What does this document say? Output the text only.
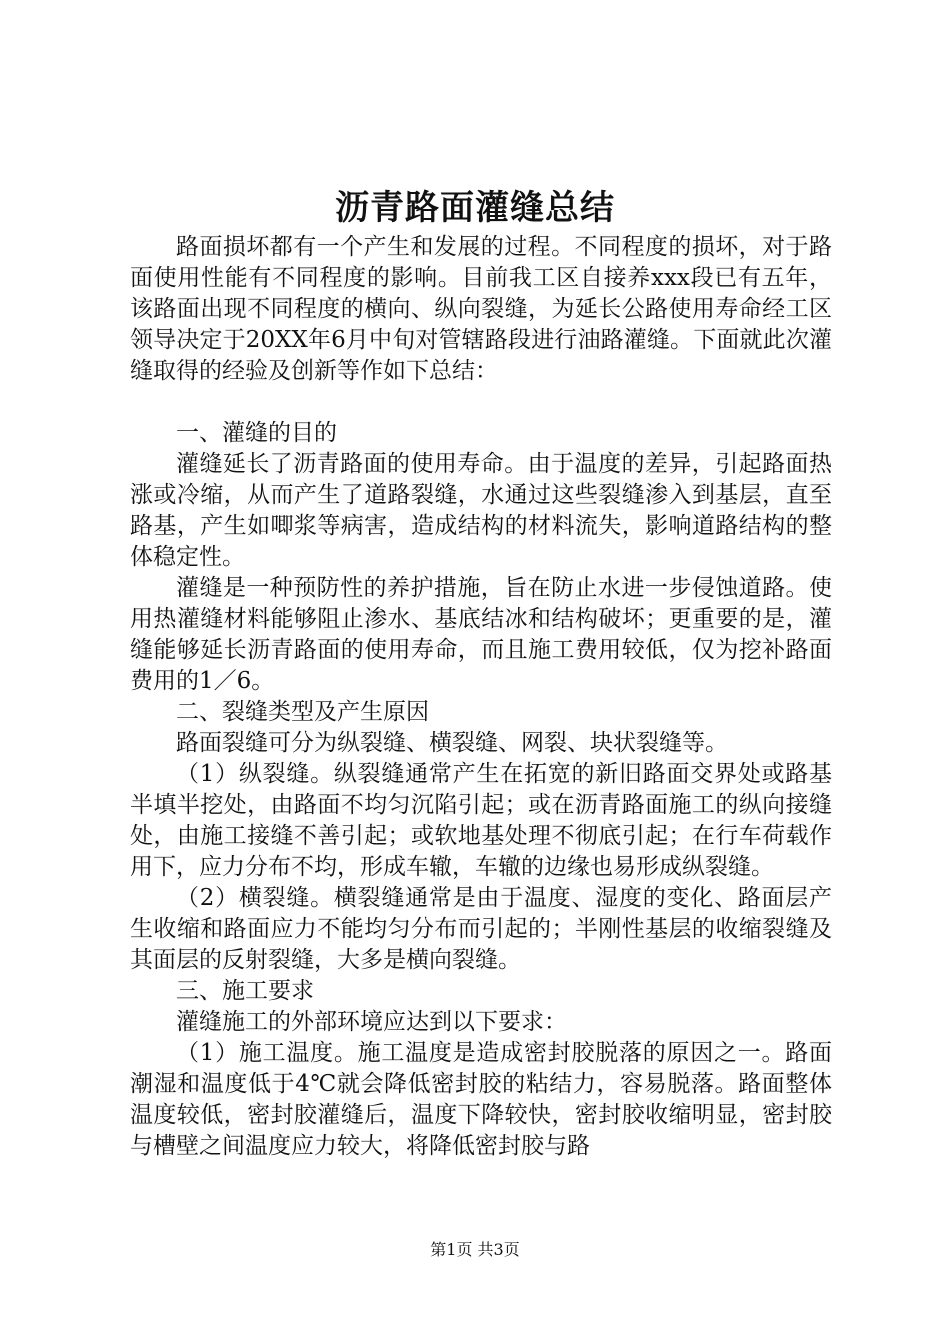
沥青路面灌缝总结

路面损坏都有一个产生和发展的过程。不同程度的损坏，对于路面使用性能有不同程度的影响。目前我工区自接养xxx段已有五年，该路面出现不同程度的横向、纵向裂缝，为延长公路使用寿命经工区领导决定于20XX年6月中旬对管辖路段进行油路灌缝。下面就此次灌缝取得的经验及创新等作如下总结：

一、灌缝的目的

灌缝延长了沥青路面的使用寿命。由于温度的差异，引起路面热涨或冷缩，从而产生了道路裂缝，水通过这些裂缝渗入到基层，直至路基，产生如唧浆等病害，造成结构的材料流失，影响道路结构的整体稳定性。

灌缝是一种预防性的养护措施，旨在防止水进一步侵蚀道路。使用热灌缝材料能够阻止渗水、基底结冰和结构破坏；更重要的是，灌缝能够延长沥青路面的使用寿命，而且施工费用较低，仅为挖补路面费用的1／6。

二、裂缝类型及产生原因

路面裂缝可分为纵裂缝、横裂缝、网裂、块状裂缝等。

（1）纵裂缝。纵裂缝通常产生在拓宽的新旧路面交界处或路基半填半挖处，由路面不均匀沉陷引起；或在沥青路面施工的纵向接缝处，由施工接缝不善引起；或软地基处理不彻底引起；在行车荷载作用下，应力分布不均，形成车辙，车辙的边缘也易形成纵裂缝。

（2）横裂缝。横裂缝通常是由于温度、湿度的变化、路面层产生收缩和路面应力不能均匀分布而引起的；半刚性基层的收缩裂缝及其面层的反射裂缝，大多是横向裂缝。

三、施工要求

灌缝施工的外部环境应达到以下要求：

（1）施工温度。施工温度是造成密封胶脱落的原因之一。路面潮湿和温度低于4℃就会降低密封胶的粘结力，容易脱落。路面整体温度较低，密封胶灌缝后，温度下降较快，密封胶收缩明显，密封胶与槽壁之间温度应力较大，将降低密封胶与路

第1页 共3页
